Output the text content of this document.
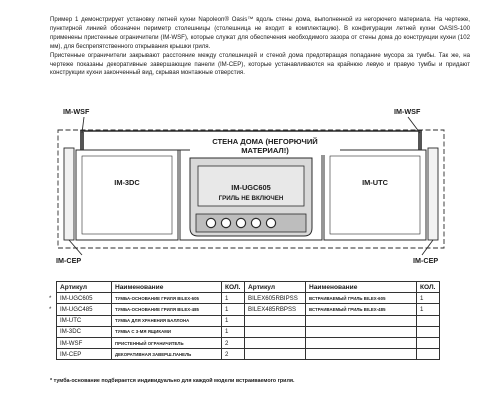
Пример 1 демонстрирует установку летней кухни Napoleon® Oasis™ вдоль стены дома, выполненной из негорючего материала. На чертеже, пунктирной линией обозначен периметр столешницы (столешница не входит в комплектацию). В конфигурации летней кухни OASIS-100 применены пристенные ограничители (IM-WSF), которые служат для обеспечения необходимого зазора от стены дома до конструкции кухни (102 мм), для беспрепятственного открывания крышки гриля.

Пристенные ограничители закрывают расстояние между столешницей и стеной дома предотвращая попадание мусора за тумбы. Так же, на чертеже показаны декоративные завершающие панели (IM-CEP), которые устанавливаются на крайнюю левую и правую тумбы и придают конструкции кухни законченный вид, скрывая монтажные отверстия.

IM-WSF	IM-WSF
СТЕНА ДОМА (НЕГОРЮЧИЙ МАТЕРИАЛ!)
IM-3DC	IM-UTC
IM-UGC605
ГРИЛЬ НЕ ВКЛЮЧЕН
IM-CEP	IM-CEP
*
*
Артикул	Наименование	КОЛ.	Артикул	Наименование	КОЛ.
IM-UGC605	ТУМБА-ОСНОВАНИЕ ГРИЛЯ BILEX-605	1	BILEX605RBIPSS	ВСТРАИВАЕМЫЙ ГРИЛЬ BILEX-605	1
IM-UGC485	ТУМБА-ОСНОВАНИЕ ГРИЛЯ BILEX-485	1	BILEX485RBPSS	ВСТРАИВАЕМЫЙ ГРИЛЬ BILEX-485	1
IM-UTC	ТУМБА ДЛЯ ХРАНЕНИЯ БАЛЛОНА	1			
IM-3DC	ТУМБА С 3-МЯ ЯЩИКАМИ	1			
IM-WSF	ПРИСТЕННЫЙ ОГРАНИЧИТЕЛЬ	2			
IM-CEP	ДЕКОРАТИВНАЯ ЗАВЕРШ.ПАНЕЛЬ	2			
* тумба-основание подбирается индивидуально для каждой модели встраиваемого гриля.
